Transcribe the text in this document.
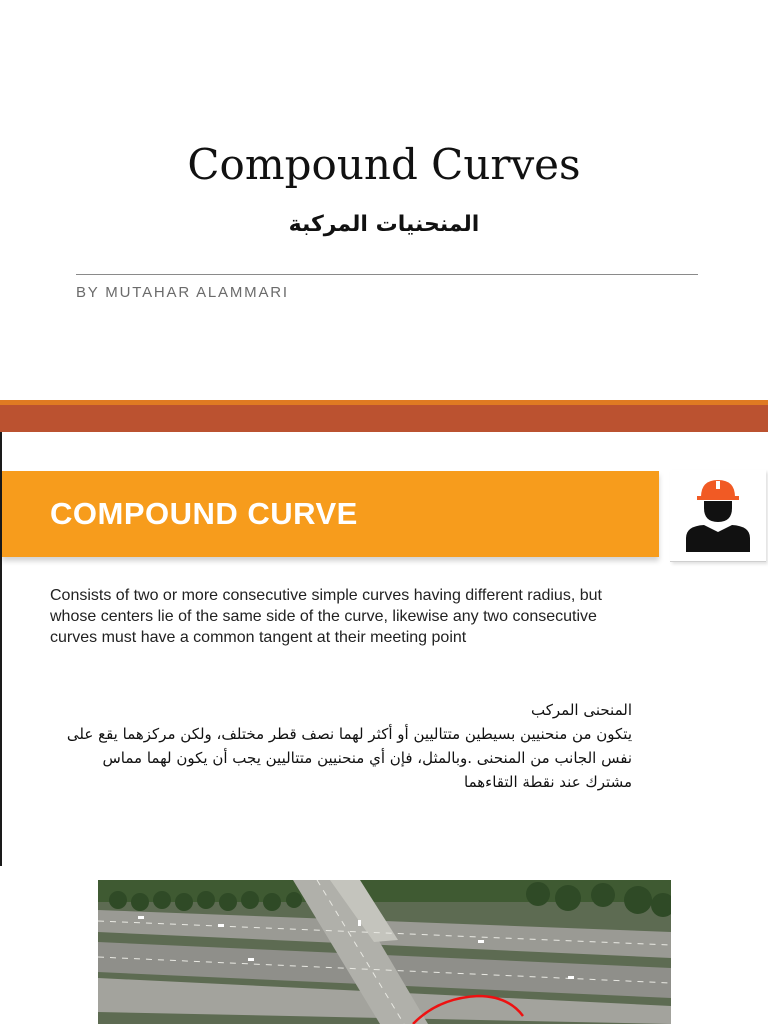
Compound Curves
المنحنيات المركبة
BY MUTAHAR ALAMMARI
COMPOUND CURVE
Consists of two or more consecutive simple curves having different radius, but whose centers lie of the same side of the curve, likewise any two consecutive curves must have a common tangent at their meeting point
المنحنى المركب
يتكون من منحنيين بسيطين متتاليين أو أكثر لهما نصف قطر مختلف، ولكن مركزهما يقع على
نفس الجانب من المنحنى .وبالمثل، فإن أي منحنيين متتاليين يجب أن يكون لهما مماس
مشترك عند نقطة التقاءهما
